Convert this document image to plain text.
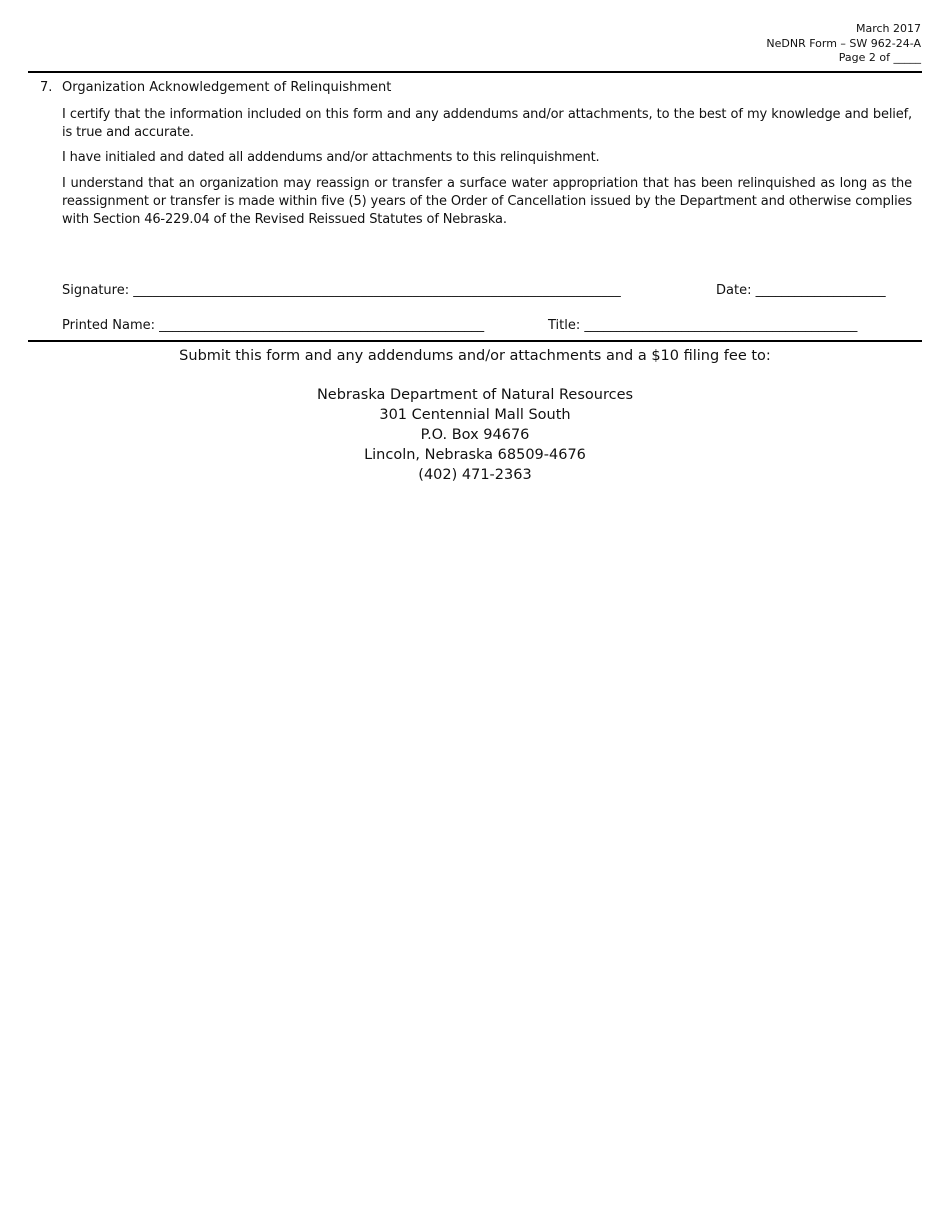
March 2017
NeDNR Form – SW 962-24-A
Page 2 of _____
7. Organization Acknowledgement of Relinquishment
I certify that the information included on this form and any addendums and/or attachments, to the best of my knowledge and belief, is true and accurate.
I have initialed and dated all addendums and/or attachments to this relinquishment.
I understand that an organization may reassign or transfer a surface water appropriation that has been relinquished as long as the reassignment or transfer is made within five (5) years of the Order of Cancellation issued by the Department and otherwise complies with Section 46-229.04 of the Revised Reissued Statutes of Nebraska.
Signature: ___________________________________________________________________________	Date: ____________________
Printed Name: __________________________________________________	Title: __________________________________________
Submit this form and any addendums and/or attachments and a $10 filing fee to:
Nebraska Department of Natural Resources
301 Centennial Mall South
P.O. Box 94676
Lincoln, Nebraska 68509-4676
(402) 471-2363
